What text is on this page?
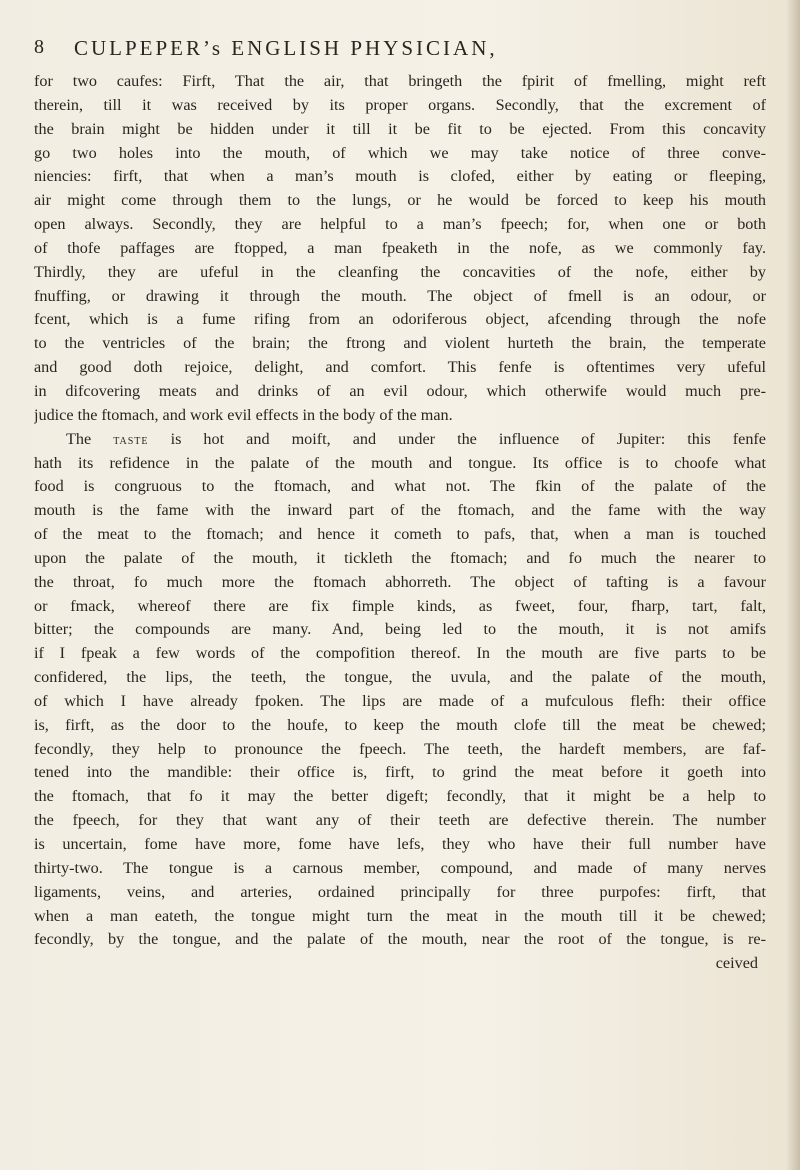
8 CULPEPER’s ENGLISH PHYSICIAN,
for two caufes: Firft, That the air, that bringeth the fpirit of fmelling, might reft
therein, till it was received by its proper organs. Secondly, that the excrement of
the brain might be hidden under it till it be fit to be ejected. From this concavity
go two holes into the mouth, of which we may take notice of three conve-
niencies: firft, that when a man’s mouth is clofed, either by eating or fleeping,
air might come through them to the lungs, or he would be forced to keep his mouth
open always. Secondly, they are helpful to a man’s fpeech; for, when one or both
of thofe paffages are ftopped, a man fpeaketh in the nofe, as we commonly fay.
Thirdly, they are ufeful in the cleanfing the concavities of the nofe, either by
fnuffing, or drawing it through the mouth. The object of fmell is an odour, or
fcent, which is a fume rifing from an odoriferous object, afcending through the nofe
to the ventricles of the brain; the ftrong and violent hurteth the brain, the temperate
and good doth rejoice, delight, and comfort. This fenfe is oftentimes very ufeful
in difcovering meats and drinks of an evil odour, which otherwife would much pre-
judice the ftomach, and work evil effects in the body of the man.
The taste is hot and moift, and under the influence of Jupiter: this fenfe
hath its refidence in the palate of the mouth and tongue. Its office is to choofe what
food is congruous to the ftomach, and what not. The fkin of the palate of the
mouth is the fame with the inward part of the ftomach, and the fame with the way
of the meat to the ftomach; and hence it cometh to pafs, that, when a man is touched
upon the palate of the mouth, it tickleth the ftomach; and fo much the nearer to
the throat, fo much more the ftomach abhorreth. The object of tafting is a favour
or fmack, whereof there are fix fimple kinds, as fweet, four, fharp, tart, falt,
bitter; the compounds are many. And, being led to the mouth, it is not amifs
if I fpeak a few words of the compofition thereof. In the mouth are five parts to be
confidered, the lips, the teeth, the tongue, the uvula, and the palate of the mouth,
of which I have already fpoken. The lips are made of a mufculous flefh: their office
is, firft, as the door to the houfe, to keep the mouth clofe till the meat be chewed;
fecondly, they help to pronounce the fpeech. The teeth, the hardeft members, are faf-
tened into the mandible: their office is, firft, to grind the meat before it goeth into
the ftomach, that fo it may the better digeft; fecondly, that it might be a help to
the fpeech, for they that want any of their teeth are defective therein. The number
is uncertain, fome have more, fome have lefs, they who have their full number have
thirty-two. The tongue is a carnous member, compound, and made of many nerves
ligaments, veins, and arteries, ordained principally for three purpofes: firft, that
when a man eateth, the tongue might turn the meat in the mouth till it be chewed;
fecondly, by the tongue, and the palate of the mouth, near the root of the tongue, is re-
ceived
